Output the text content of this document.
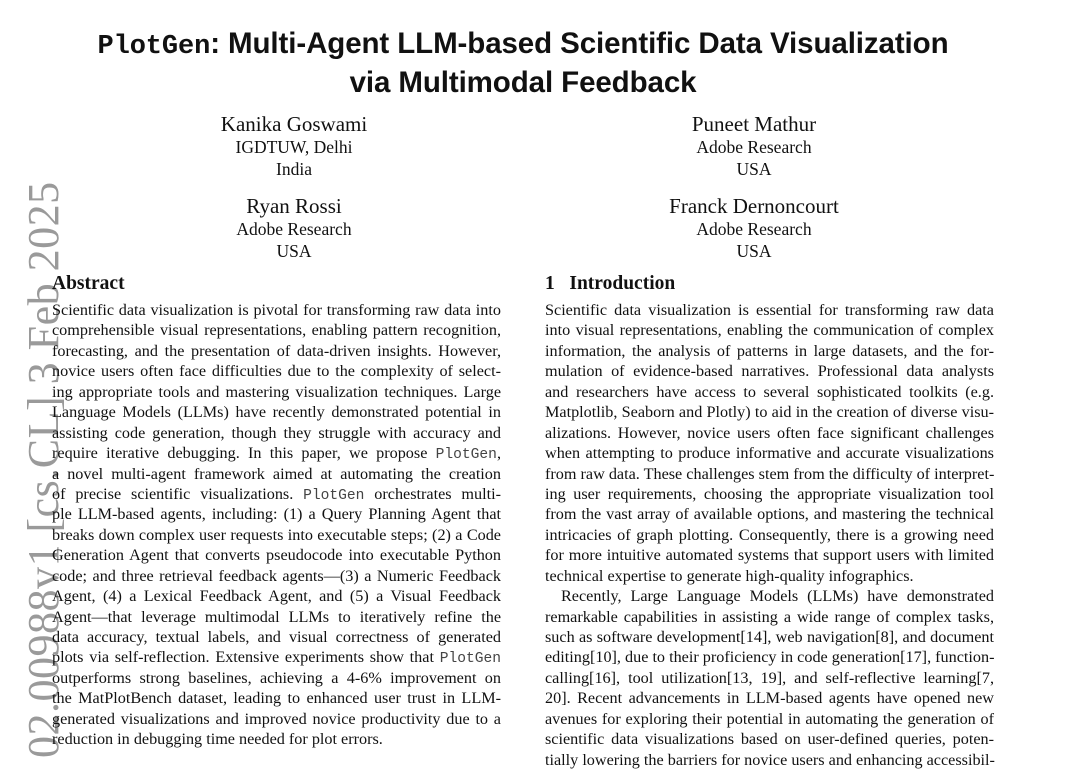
02.00988v1 [cs.CL] 3 Feb 2025
PlotGen: Multi-Agent LLM-based Scientific Data Visualization
via Multimodal Feedback
Kanika Goswami
IGDTUW, Delhi
India
Puneet Mathur
Adobe Research
USA
Ryan Rossi
Adobe Research
USA
Franck Dernoncourt
Adobe Research
USA
Abstract	1 Introduction
Scientific data visualization is pivotal for transforming raw data into
comprehensible visual representations, enabling pattern recognition,
forecasting, and the presentation of data-driven insights. However,
novice users often face difficulties due to the complexity of select-
ing appropriate tools and mastering visualization techniques. Large
Language Models (LLMs) have recently demonstrated potential in
assisting code generation, though they struggle with accuracy and
require iterative debugging. In this paper, we propose PlotGen,
a novel multi-agent framework aimed at automating the creation
of precise scientific visualizations. PlotGen orchestrates multi-
ple LLM-based agents, including: (1) a Query Planning Agent that
breaks down complex user requests into executable steps; (2) a Code
Generation Agent that converts pseudocode into executable Python
code; and three retrieval feedback agents—(3) a Numeric Feedback
Agent, (4) a Lexical Feedback Agent, and (5) a Visual Feedback
Agent—that leverage multimodal LLMs to iteratively refine the
data accuracy, textual labels, and visual correctness of generated
plots via self-reflection. Extensive experiments show that PlotGen
outperforms strong baselines, achieving a 4-6% improvement on
the MatPlotBench dataset, leading to enhanced user trust in LLM-
generated visualizations and improved novice productivity due to a
reduction in debugging time needed for plot errors.
Scientific data visualization is essential for transforming raw data
into visual representations, enabling the communication of complex
information, the analysis of patterns in large datasets, and the for-
mulation of evidence-based narratives. Professional data analysts
and researchers have access to several sophisticated toolkits (e.g.
Matplotlib, Seaborn and Plotly) to aid in the creation of diverse visu-
alizations. However, novice users often face significant challenges
when attempting to produce informative and accurate visualizations
from raw data. These challenges stem from the difficulty of interpret-
ing user requirements, choosing the appropriate visualization tool
from the vast array of available options, and mastering the technical
intricacies of graph plotting. Consequently, there is a growing need
for more intuitive automated systems that support users with limited
technical expertise to generate high-quality infographics.
Recently, Large Language Models (LLMs) have demonstrated
remarkable capabilities in assisting a wide range of complex tasks,
such as software development[14], web navigation[8], and document
editing[10], due to their proficiency in code generation[17], function-
calling[16], tool utilization[13, 19], and self-reflective learning[7,
20]. Recent advancements in LLM-based agents have opened new
avenues for exploring their potential in automating the generation of
scientific data visualizations based on user-defined queries, poten-
tially lowering the barriers for novice users and enhancing accessibil-
